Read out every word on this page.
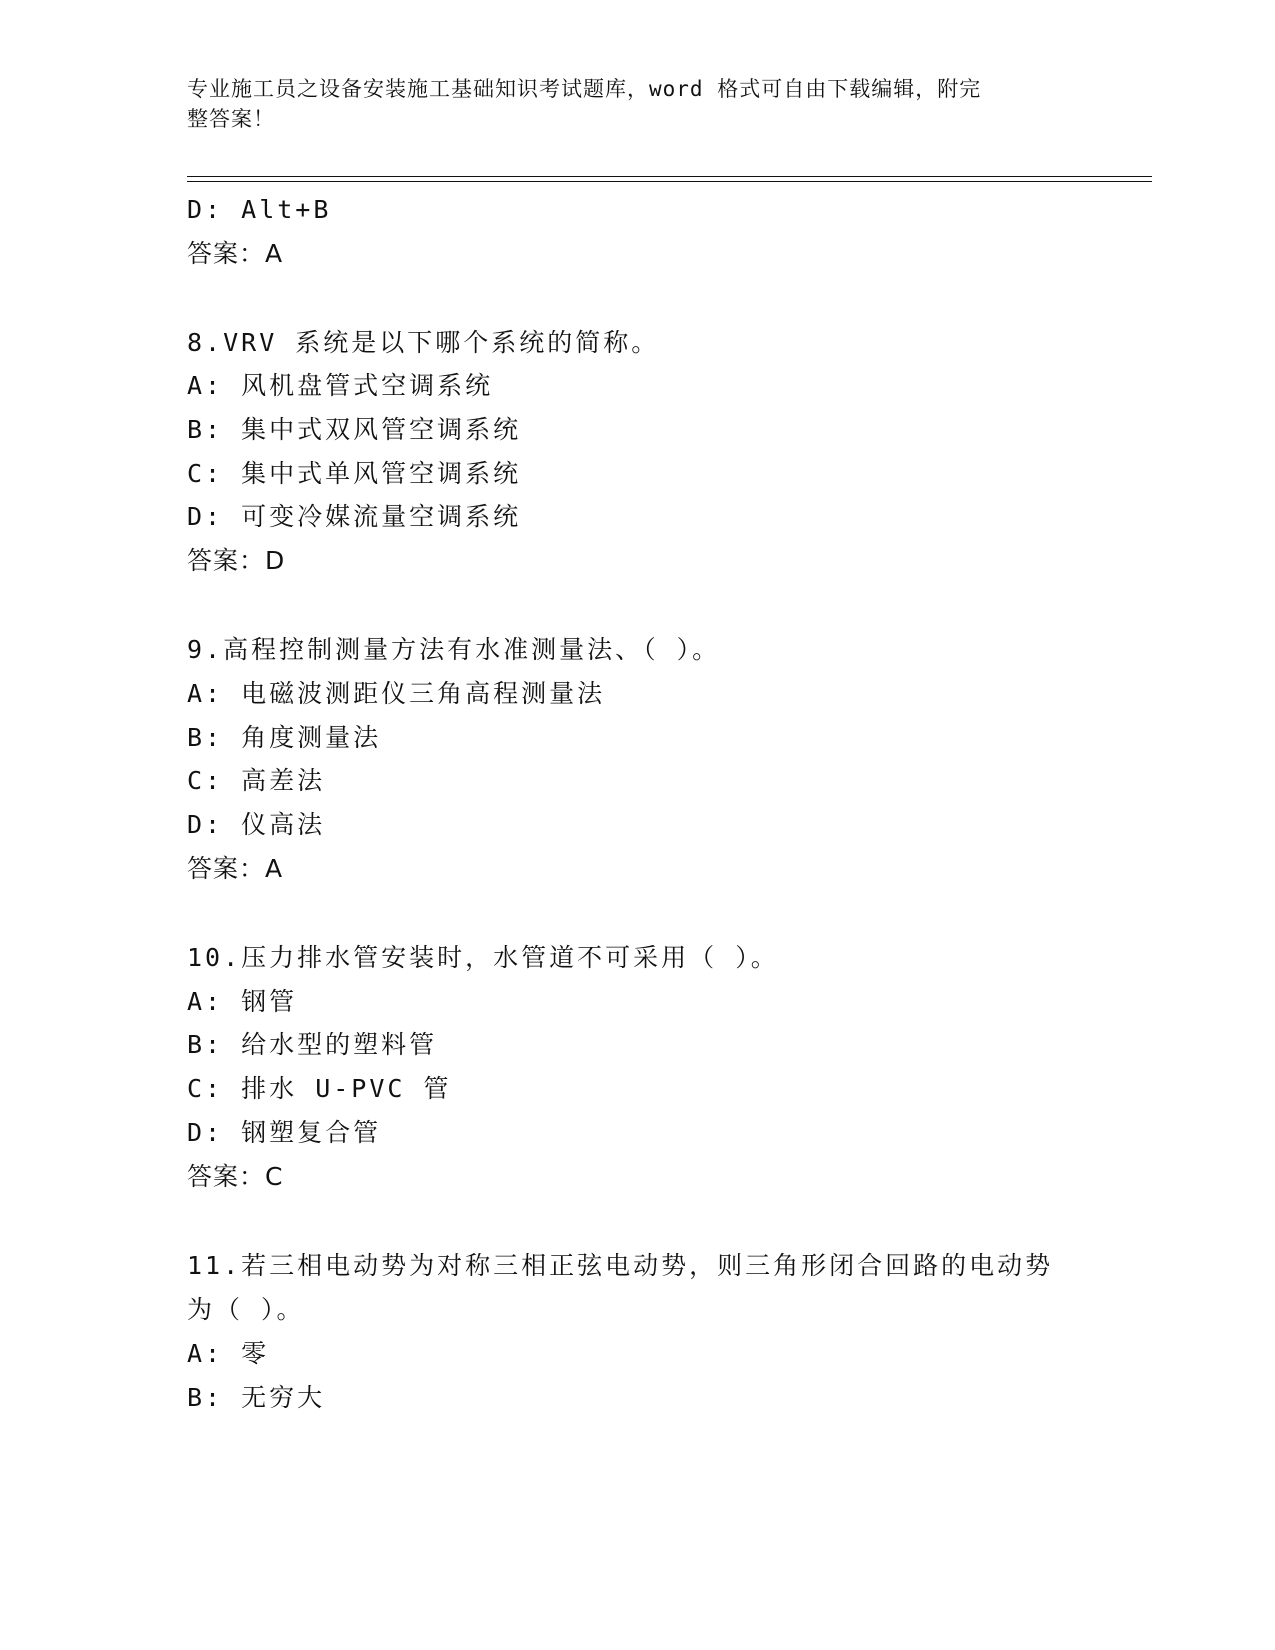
专业施工员之设备安装施工基础知识考试题库，word 格式可自由下载编辑，附完
整答案！
D: Alt+B
答案：A
8.VRV 系统是以下哪个系统的简称。
A: 风机盘管式空调系统
B: 集中式双风管空调系统
C: 集中式单风管空调系统
D: 可变冷媒流量空调系统
答案：D
9.高程控制测量方法有水准测量法、（ ）。
A: 电磁波测距仪三角高程测量法
B: 角度测量法
C: 高差法
D: 仪高法
答案：A
10.压力排水管安装时，水管道不可采用（ ）。
A: 钢管
B: 给水型的塑料管
C: 排水 U-PVC 管
D: 钢塑复合管
答案：C
11.若三相电动势为对称三相正弦电动势，则三角形闭合回路的电动势
为（ ）。
A: 零
B: 无穷大
